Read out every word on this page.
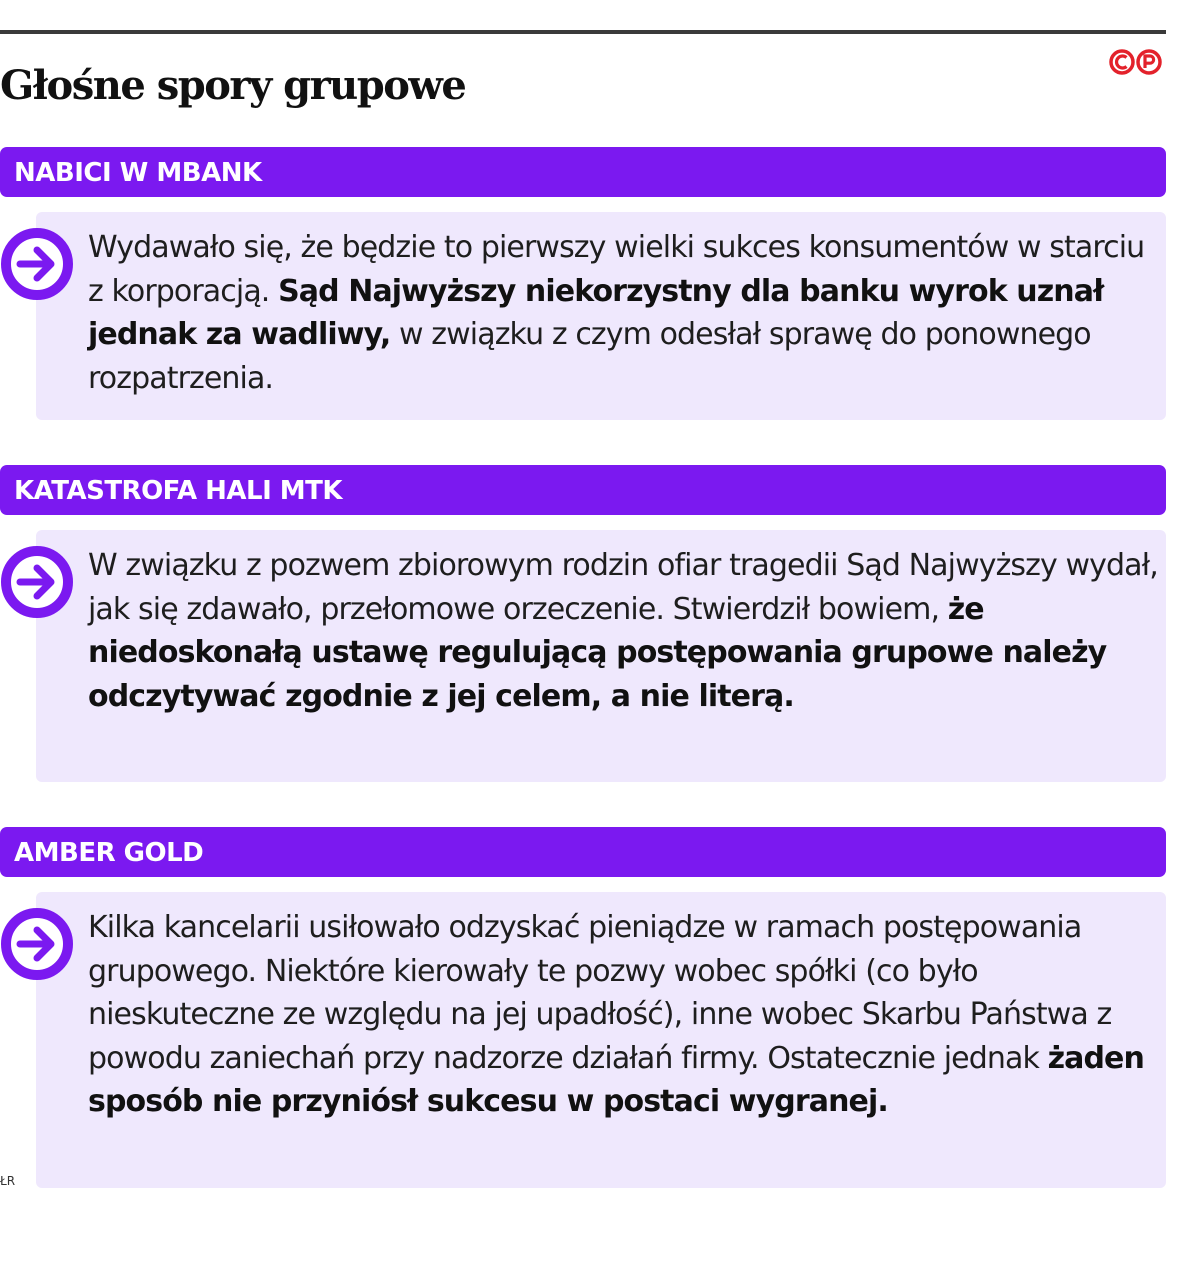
Głośne spory grupowe
NABICI W MBANK

Wydawało się, że będzie to pierwszy wielki sukces konsumentów w starciu z korporacją. Sąd Najwyższy niekorzystny dla banku wyrok uznał jednak za wadliwy, w związku z czym odesłał sprawę do ponownego rozpatrzenia.

KATASTROFA HALI MTK

W związku z pozwem zbiorowym rodzin ofiar tragedii Sąd Najwyższy wydał, jak się zdawało, przełomowe orzeczenie. Stwierdził bowiem, że niedoskonałą ustawę regulującą postępowania grupowe należy odczytywać zgodnie z jej celem, a nie literą.

AMBER GOLD

Kilka kancelarii usiłowało odzyskać pieniądze w ramach postępowania grupowego. Niektóre kierowały te pozwy wobec spółki (co było nieskuteczne ze względu na jej upadłość), inne wobec Skarbu Państwa z powodu zaniechań przy nadzorze działań firmy. Ostatecznie jednak żaden sposób nie przyniósł sukcesu w postaci wygranej.

ŁR
